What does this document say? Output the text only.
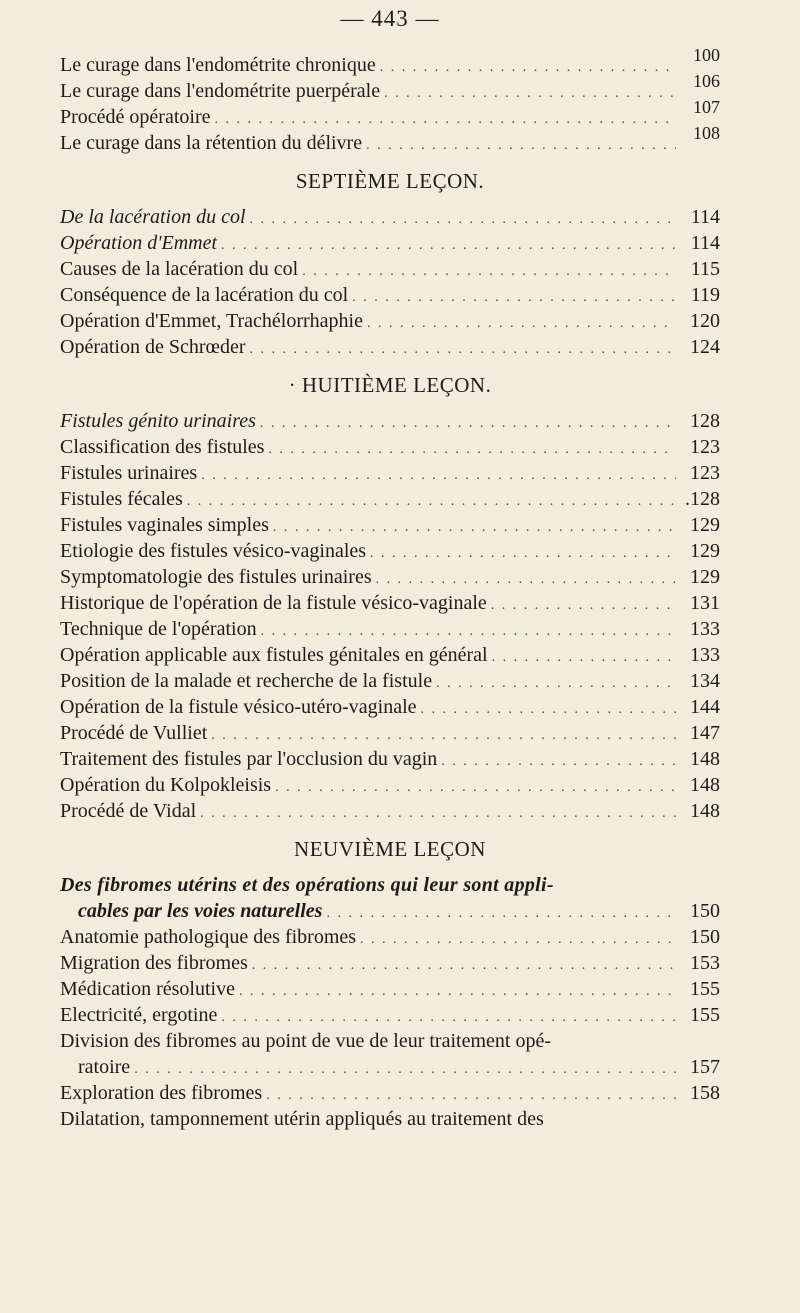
— 443 —
Le curage dans l'endométrite chronique . . .	100
Le curage dans l'endométrite puerpérale . . .	106
Procédé opératoire . . .	107
Le curage dans la rétention du délivre . . .	108
SEPTIÈME LEÇON.
De la lacération du col . . .	114
Opération d'Emmet . . .	114
Causes de la lacération du col . . .	115
Conséquence de la lacération du col . . .	119
Opération d'Emmet, Trachélorrhaphie . . .	120
Opération de Schrœder . . .	124
· HUITIÈME LEÇON.
Fistules génito urinaires . . .	128
Classification des fistules . . .	123
Fistules urinaires . . .	123
Fistules fécales . . .	.128
Fistules vaginales simples . . .	129
Etiologie des fistules vésico-vaginales . . .	129
Symptomatologie des fistules urinaires . . .	129
Historique de l'opération de la fistule vésico-vaginale . . .	131
Technique de l'opération . . .	133
Opération applicable aux fistules génitales en général . . .	133
Position de la malade et recherche de la fistule . . .	134
Opération de la fistule vésico-utéro-vaginale . . .	144
Procédé de Vulliet . . .	147
Traitement des fistules par l'occlusion du vagin . . .	148
Opération du Kolpokleisis . . .	148
Procédé de Vidal . . .	148
NEUVIÈME LEÇON
Des fibromes utérins et des opérations qui leur sont appli-
cables par les voies naturelles . . .	150
Anatomie pathologique des fibromes . . .	150
Migration des fibromes . . .	153
Médication résolutive . . .	155
Electricité, ergotine . . .	155
Division des fibromes au point de vue de leur traitement opé-
ratoire . . .	157
Exploration des fibromes . . .	158
Dilatation, tamponnement utérin appliqués au traitement des
